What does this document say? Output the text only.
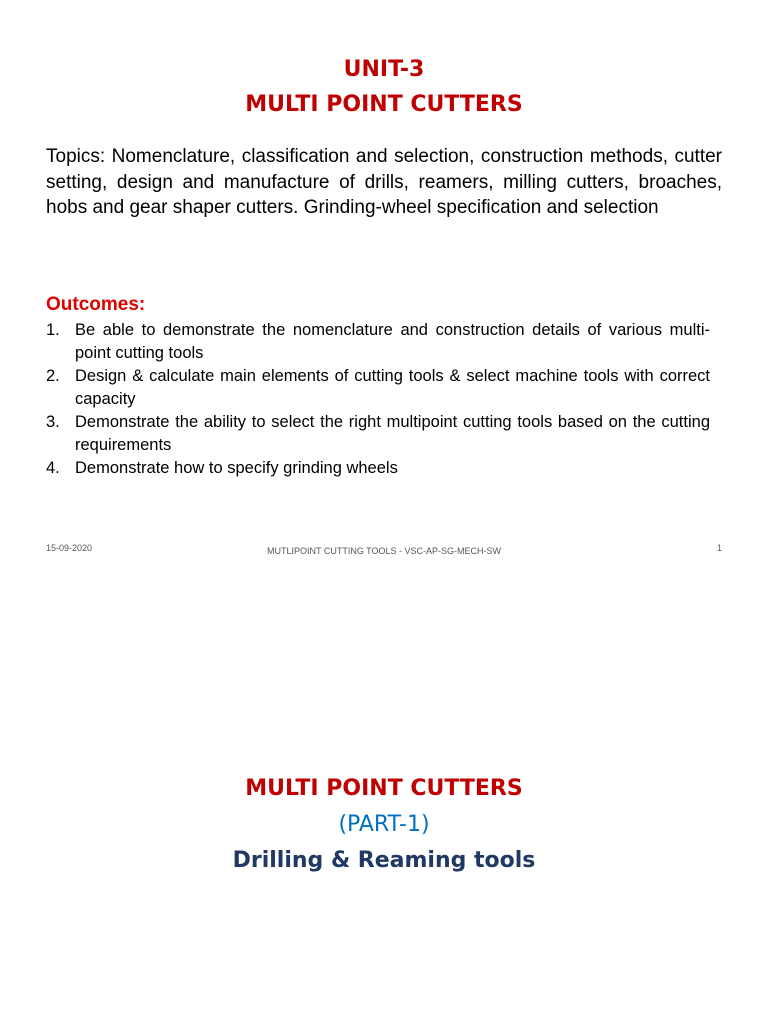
UNIT-3
MULTI POINT CUTTERS

Topics: Nomenclature, classification and selection, construction methods, cutter setting, design and manufacture of drills, reamers, milling cutters, broaches, hobs and gear shaper cutters. Grinding-wheel specification and selection

Outcomes:
1. Be able to demonstrate the nomenclature and construction details of various multi-point cutting tools
2. Design & calculate main elements of cutting tools & select machine tools with correct capacity
3. Demonstrate the ability to select the right multipoint cutting tools based on the cutting requirements
4. Demonstrate how to specify grinding wheels
15-09-2020	MUTLIPOINT CUTTING TOOLS - VSC-AP-SG-MECH-SW	1
MULTI POINT CUTTERS
(PART-1)
Drilling & Reaming tools
